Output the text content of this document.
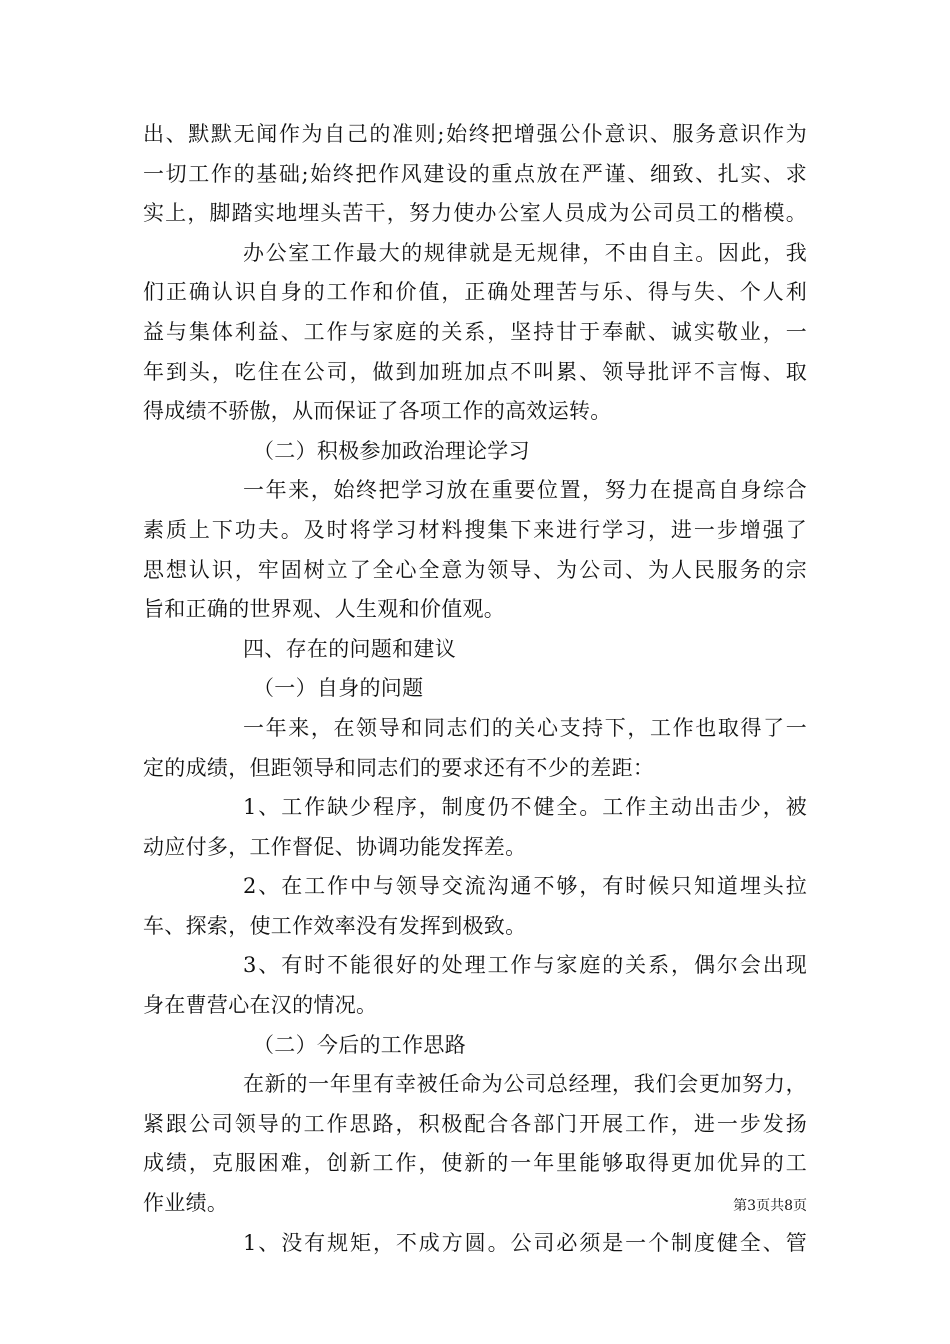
出、默默无闻作为自己的准则;始终把增强公仆意识、服务意识作为
一切工作的基础;始终把作风建设的重点放在严谨、细致、扎实、求
实上，脚踏实地埋头苦干，努力使办公室人员成为公司员工的楷模。
办公室工作最大的规律就是无规律，不由自主。因此，我
们正确认识自身的工作和价值，正确处理苦与乐、得与失、个人利
益与集体利益、工作与家庭的关系，坚持甘于奉献、诚实敬业，一
年到头，吃住在公司，做到加班加点不叫累、领导批评不言悔、取
得成绩不骄傲，从而保证了各项工作的高效运转。
（二）积极参加政治理论学习
一年来，始终把学习放在重要位置，努力在提高自身综合
素质上下功夫。及时将学习材料搜集下来进行学习，进一步增强了
思想认识，牢固树立了全心全意为领导、为公司、为人民服务的宗
旨和正确的世界观、人生观和价值观。
四、存在的问题和建议
（一）自身的问题
一年来，在领导和同志们的关心支持下，工作也取得了一
定的成绩，但距领导和同志们的要求还有不少的差距：
1、工作缺少程序，制度仍不健全。工作主动出击少，被
动应付多，工作督促、协调功能发挥差。
2、在工作中与领导交流沟通不够，有时候只知道埋头拉
车、探索，使工作效率没有发挥到极致。
3、有时不能很好的处理工作与家庭的关系，偶尔会出现
身在曹营心在汉的情况。
（二）今后的工作思路
在新的一年里有幸被任命为公司总经理，我们会更加努力，
紧跟公司领导的工作思路，积极配合各部门开展工作，进一步发扬
成绩，克服困难，创新工作，使新的一年里能够取得更加优异的工
作业绩。
1、没有规矩，不成方圆。公司必须是一个制度健全、管
第3页共8页
